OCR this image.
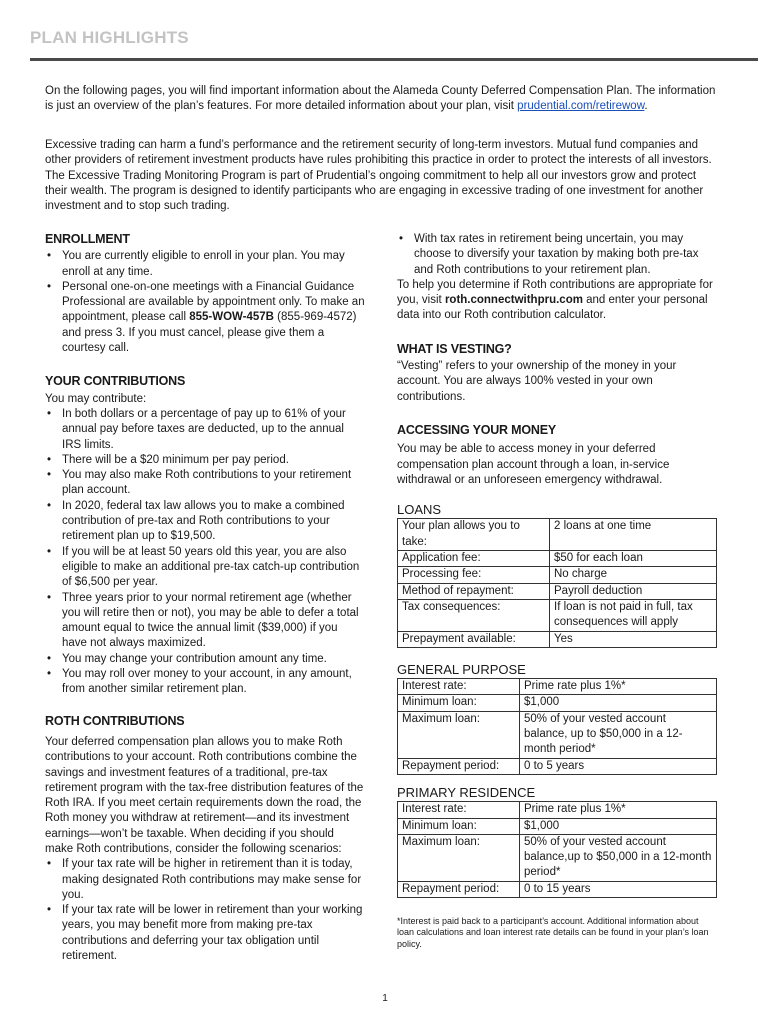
PLAN HIGHLIGHTS

On the following pages, you will find important information about the Alameda County Deferred Compensation Plan. The information is just an overview of the plan’s features. For more detailed information about your plan, visit prudential.com/retirewow.

Excessive trading can harm a fund’s performance and the retirement security of long-term investors. Mutual fund companies and other providers of retirement investment products have rules prohibiting this practice in order to protect the interests of all investors. The Excessive Trading Monitoring Program is part of Prudential’s ongoing commitment to help all our investors grow and protect their wealth. The program is designed to identify participants who are engaging in excessive trading of one investment for another investment and to stop such trading.

ENROLLMENT
• You are currently eligible to enroll in your plan. You may enroll at any time.
• Personal one-on-one meetings with a Financial Guidance Professional are available by appointment only. To make an appointment, please call 855-WOW-457B (855-969-4572) and press 3. If you must cancel, please give them a courtesy call.
YOUR CONTRIBUTIONS

You may contribute:

• In both dollars or a percentage of pay up to 61% of your annual pay before taxes are deducted, up to the annual IRS limits.
• There will be a $20 minimum per pay period.
• You may also make Roth contributions to your retirement plan account.
• In 2020, federal tax law allows you to make a combined contribution of pre-tax and Roth contributions to your retirement plan up to $19,500.
• If you will be at least 50 years old this year, you are also eligible to make an additional pre-tax catch-up contribution of $6,500 per year.
• Three years prior to your normal retirement age (whether you will retire then or not), you may be able to defer a total amount equal to twice the annual limit ($39,000) if you have not always maximized.
• You may change your contribution amount any time.
• You may roll over money to your account, in any amount, from another similar retirement plan.
ROTH CONTRIBUTIONS

Your deferred compensation plan allows you to make Roth contributions to your account. Roth contributions combine the savings and investment features of a traditional, pre-tax retirement program with the tax-free distribution features of the Roth IRA. If you meet certain requirements down the road, the Roth money you withdraw at retirement—and its investment earnings—won’t be taxable. When deciding if you should make Roth contributions, consider the following scenarios:

• If your tax rate will be higher in retirement than it is today, making designated Roth contributions may make sense for you.
• If your tax rate will be lower in retirement than your working years, you may benefit more from making pre-tax contributions and deferring your tax obligation until retirement.
• With tax rates in retirement being uncertain, you may choose to diversify your taxation by making both pre-tax and Roth contributions to your retirement plan.

To help you determine if Roth contributions are appropriate for you, visit roth.connectwithpru.com and enter your personal data into our Roth contribution calculator.

WHAT IS VESTING?

“Vesting” refers to your ownership of the money in your account. You are always 100% vested in your own contributions.

ACCESSING YOUR MONEY

You may be able to access money in your deferred compensation plan account through a loan, in-service withdrawal or an unforeseen emergency withdrawal.

LOANS
Your plan allows you to take:	2 loans at one time
Application fee:	$50 for each loan
Processing fee:	No charge
Method of repayment:	Payroll deduction
Tax consequences:	If loan is not paid in full, tax consequences will apply
Prepayment available:	Yes
GENERAL PURPOSE
Interest rate:	Prime rate plus 1%*
Minimum loan:	$1,000
Maximum loan:	50% of your vested account balance, up to $50,000 in a 12-month period*
Repayment period:	0 to 5 years
PRIMARY RESIDENCE
Interest rate:	Prime rate plus 1%*
Minimum loan:	$1,000
Maximum loan:	50% of your vested account balance,up to $50,000 in a 12-month period*
Repayment period:	0 to 15 years

*Interest is paid back to a participant’s account. Additional information about loan calculations and loan interest rate details can be found in your plan’s loan policy.

1
